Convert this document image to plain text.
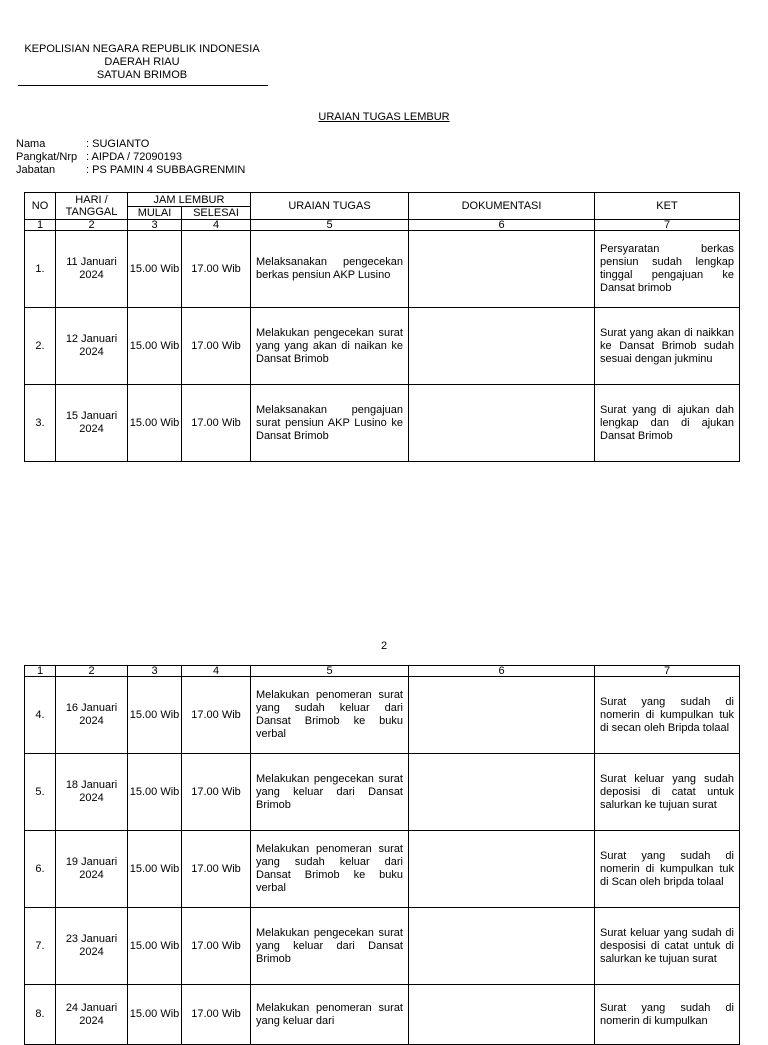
KEPOLISIAN NEGARA REPUBLIK INDONESIA
DAERAH RIAU
SATUAN BRIMOB
URAIAN TUGAS LEMBUR
Nama	: SUGIANTO
Pangkat/Nrp : AIPDA / 72090193
Jabatan	: PS PAMIN 4 SUBBAGRENMIN
NO	HARI / TANGGAL	JAM LEMBUR		URAIAN TUGAS	DOKUMENTASI	KET
		MULAI	SELESAI			
1	2	3	4	5	6	7
1.	11 Januari 2024	15.00 Wib	17.00 Wib	Melaksanakan pengecekan berkas pensiun AKP Lusino		Persyaratan berkas pensiun sudah lengkap tinggal pengajuan ke Dansat brimob
2.	12 Januari 2024	15.00 Wib	17.00 Wib	Melakukan pengecekan surat yang yang akan di naikan ke Dansat Brimob		Surat yang akan di naikkan ke Dansat Brimob sudah sesuai dengan jukminu
3.	15 Januari 2024	15.00 Wib	17.00 Wib	Melaksanakan pengajuan surat pensiun AKP Lusino ke Dansat Brimob		Surat yang di ajukan dah lengkap dan di ajukan Dansat Brimob
2
1	2	3	4	5	6	7
4.	16 Januari 2024	15.00 Wib	17.00 Wib	Melakukan penomeran surat yang sudah keluar dari Dansat Brimob ke buku verbal		Surat yang sudah di nomerin di kumpulkan tuk di secan oleh Bripda tolaal
5.	18 Januari 2024	15.00 Wib	17.00 Wib	Melakukan pengecekan surat yang keluar dari Dansat Brimob		Surat keluar yang sudah deposisi di catat untuk salurkan ke tujuan surat
6.	19 Januari 2024	15.00 Wib	17.00 Wib	Melakukan penomeran surat yang sudah keluar dari Dansat Brimob ke buku verbal		Surat yang sudah di nomerin di kumpulkan tuk di Scan oleh bripda tolaal
7.	23 Januari 2024	15.00 Wib	17.00 Wib	Melakukan pengecekan surat yang keluar dari Dansat Brimob		Surat keluar yang sudah di desposisi di catat untuk di salurkan ke tujuan surat
8.	24 Januari 2024	15.00 Wib	17.00 Wib	Melakukan penomeran surat yang keluar dari		Surat yang sudah di nomerin di kumpulkan
